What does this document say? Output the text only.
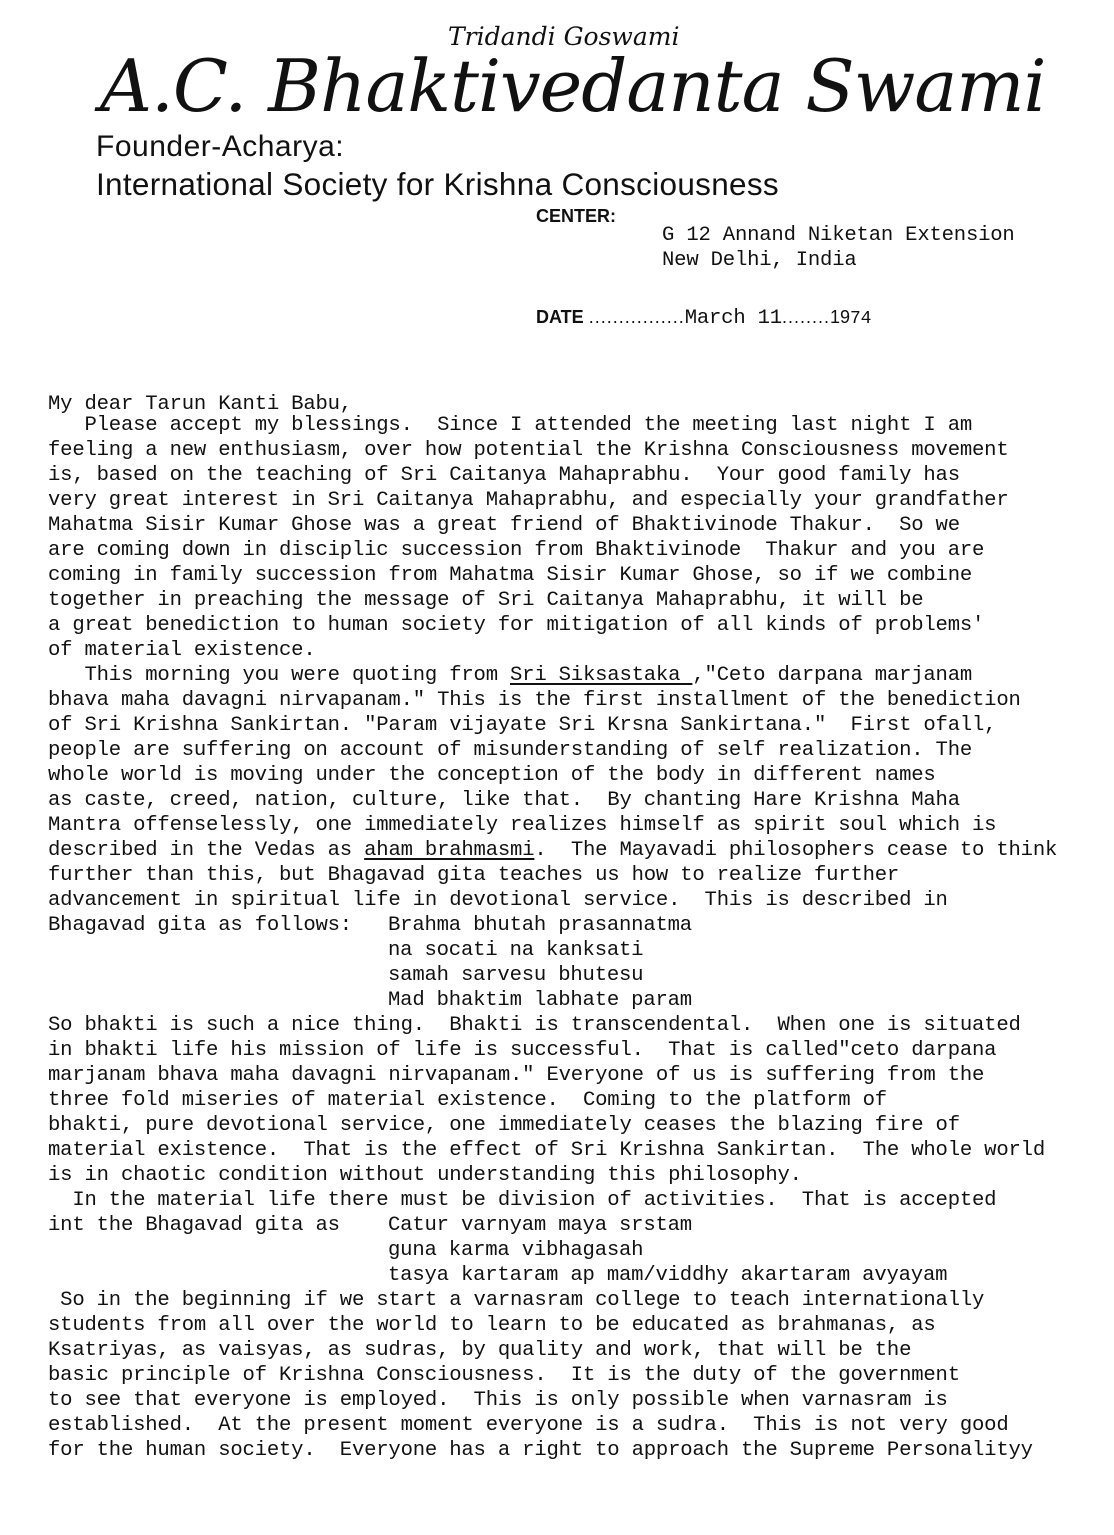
Tridandi Goswami
A.C. Bhaktivedanta Swami
Founder-Acharya:
International Society for Krishna Consciousness
CENTER:
G 12 Annand Niketan Extension
New Delhi, India
DATE ................March 11........1974
My dear Tarun Kanti Babu,
Please accept my blessings.  Since I attended the meeting last night I am
feeling a new enthusiasm, over how potential the Krishna Consciousness movement
is, based on the teaching of Sri Caitanya Mahaprabhu.  Your good family has
very great interest in Sri Caitanya Mahaprabhu, and especially your grandfather
Mahatma Sisir Kumar Ghose was a great friend of Bhaktivinode Thakur.  So we
are coming down in disciplic succession from Bhaktivinode  Thakur and you are
coming in family succession from Mahatma Sisir Kumar Ghose, so if we combine
together in preaching the message of Sri Caitanya Mahaprabhu, it will be
a great benediction to human society for mitigation of all kinds of problems'
of material existence.
This morning you were quoting from Sri Siksastaka ,"Ceto darpana marjanam
bhava maha davagni nirvapanam." This is the first installment of the benediction
of Sri Krishna Sankirtan. "Param vijayate Sri Krsna Sankirtana."  First ofall,
people are suffering on account of misunderstanding of self realization. The
whole world is moving under the conception of the body in different names
as caste, creed, nation, culture, like that.  By chanting Hare Krishna Maha
Mantra offenselessly, one immediately realizes himself as spirit soul which is
described in the Vedas as aham brahmasmi.  The Mayavadi philosophers cease to think
further than this, but Bhagavad gita teaches us how to realize further
advancement in spiritual life in devotional service.  This is described in
Bhagavad gita as follows: Brahma bhutah prasannatma
na socati na kanksati
samah sarvesu bhutesu
Mad bhaktim labhate param
So bhakti is such a nice thing.  Bhakti is transcendental.  When one is situated
in bhakti life his mission of life is successful.  That is called"ceto darpana
marjanam bhava maha davagni nirvapanam." Everyone of us is suffering from the
three fold miseries of material existence.  Coming to the platform of
bhakti, pure devotional service, one immediately ceases the blazing fire of
material existence.  That is the effect of Sri Krishna Sankirtan.  The whole world
is in chaotic condition without understanding this philosophy.
In the material life there must be division of activities.  That is accepted
int the Bhagavad gita as Catur varnyam maya srstam
guna karma vibhagasah
tasya kartaram ap mam/viddhy akartaram avyayam
So in the beginning if we start a varnasram college to teach internationally
students from all over the world to learn to be educated as brahmanas, as
Ksatriyas, as vaisyas, as sudras, by quality and work, that will be the
basic principle of Krishna Consciousness.  It is the duty of the government
to see that everyone is employed.  This is only possible when varnasram is
established.  At the present moment everyone is a sudra.  This is not very good
for the human society.  Everyone has a right to approach the Supreme Personalityy
